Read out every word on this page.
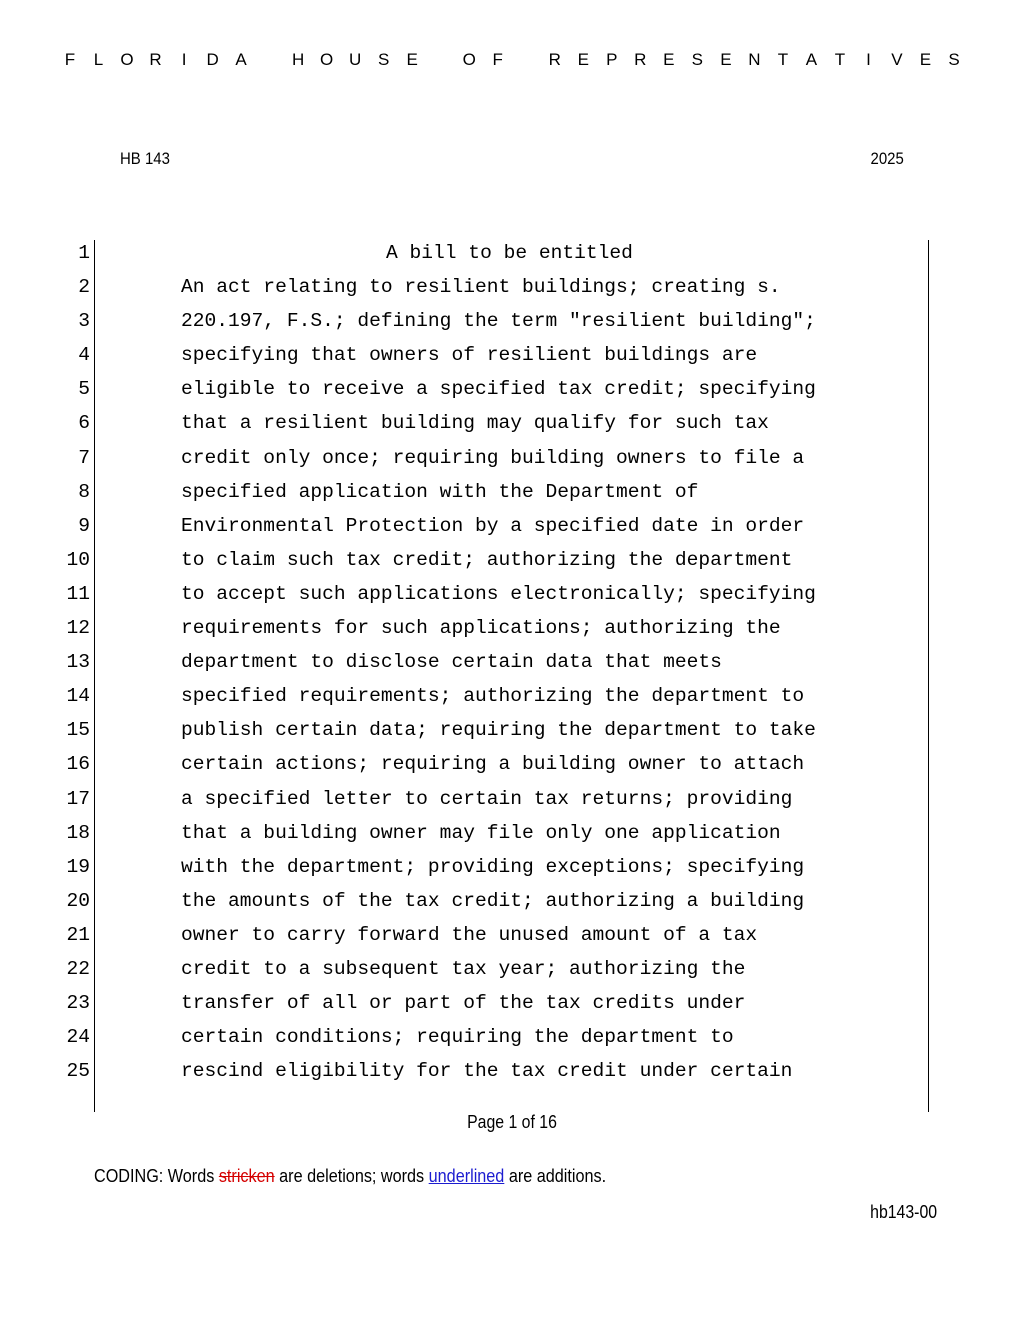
F L O R	I	D A
	H O U S E
	O F
	R E P R E S E N T A T	I	V E S
HB 143	2025
1	A bill to be entitled
2	An act relating to resilient buildings; creating s.
3	220.197, F.S.; defining the term "resilient building";
4	specifying that owners of resilient buildings are
5	eligible to receive a specified tax credit; specifying
6	that a resilient building may qualify for such tax
7	credit only once; requiring building owners to file a
8	specified application with the Department of
9	Environmental Protection by a specified date in order
10	to claim such tax credit; authorizing the department
11	to accept such applications electronically; specifying
12	requirements for such applications; authorizing the
13	department to disclose certain data that meets
14	specified requirements; authorizing the department to
15	publish certain data; requiring the department to take
16	certain actions; requiring a building owner to attach
17	a specified letter to certain tax returns; providing
18	that a building owner may file only one application
19	with the department; providing exceptions; specifying
20	the amounts of the tax credit; authorizing a building
21	owner to carry forward the unused amount of a tax
22	credit to a subsequent tax year; authorizing the
23	transfer of all or part of the tax credits under
24	certain conditions; requiring the department to
25	rescind eligibility for the tax credit under certain
Page 1 of 16
CODING: Words stricken are deletions; words underlined are additions.
hb143-00
